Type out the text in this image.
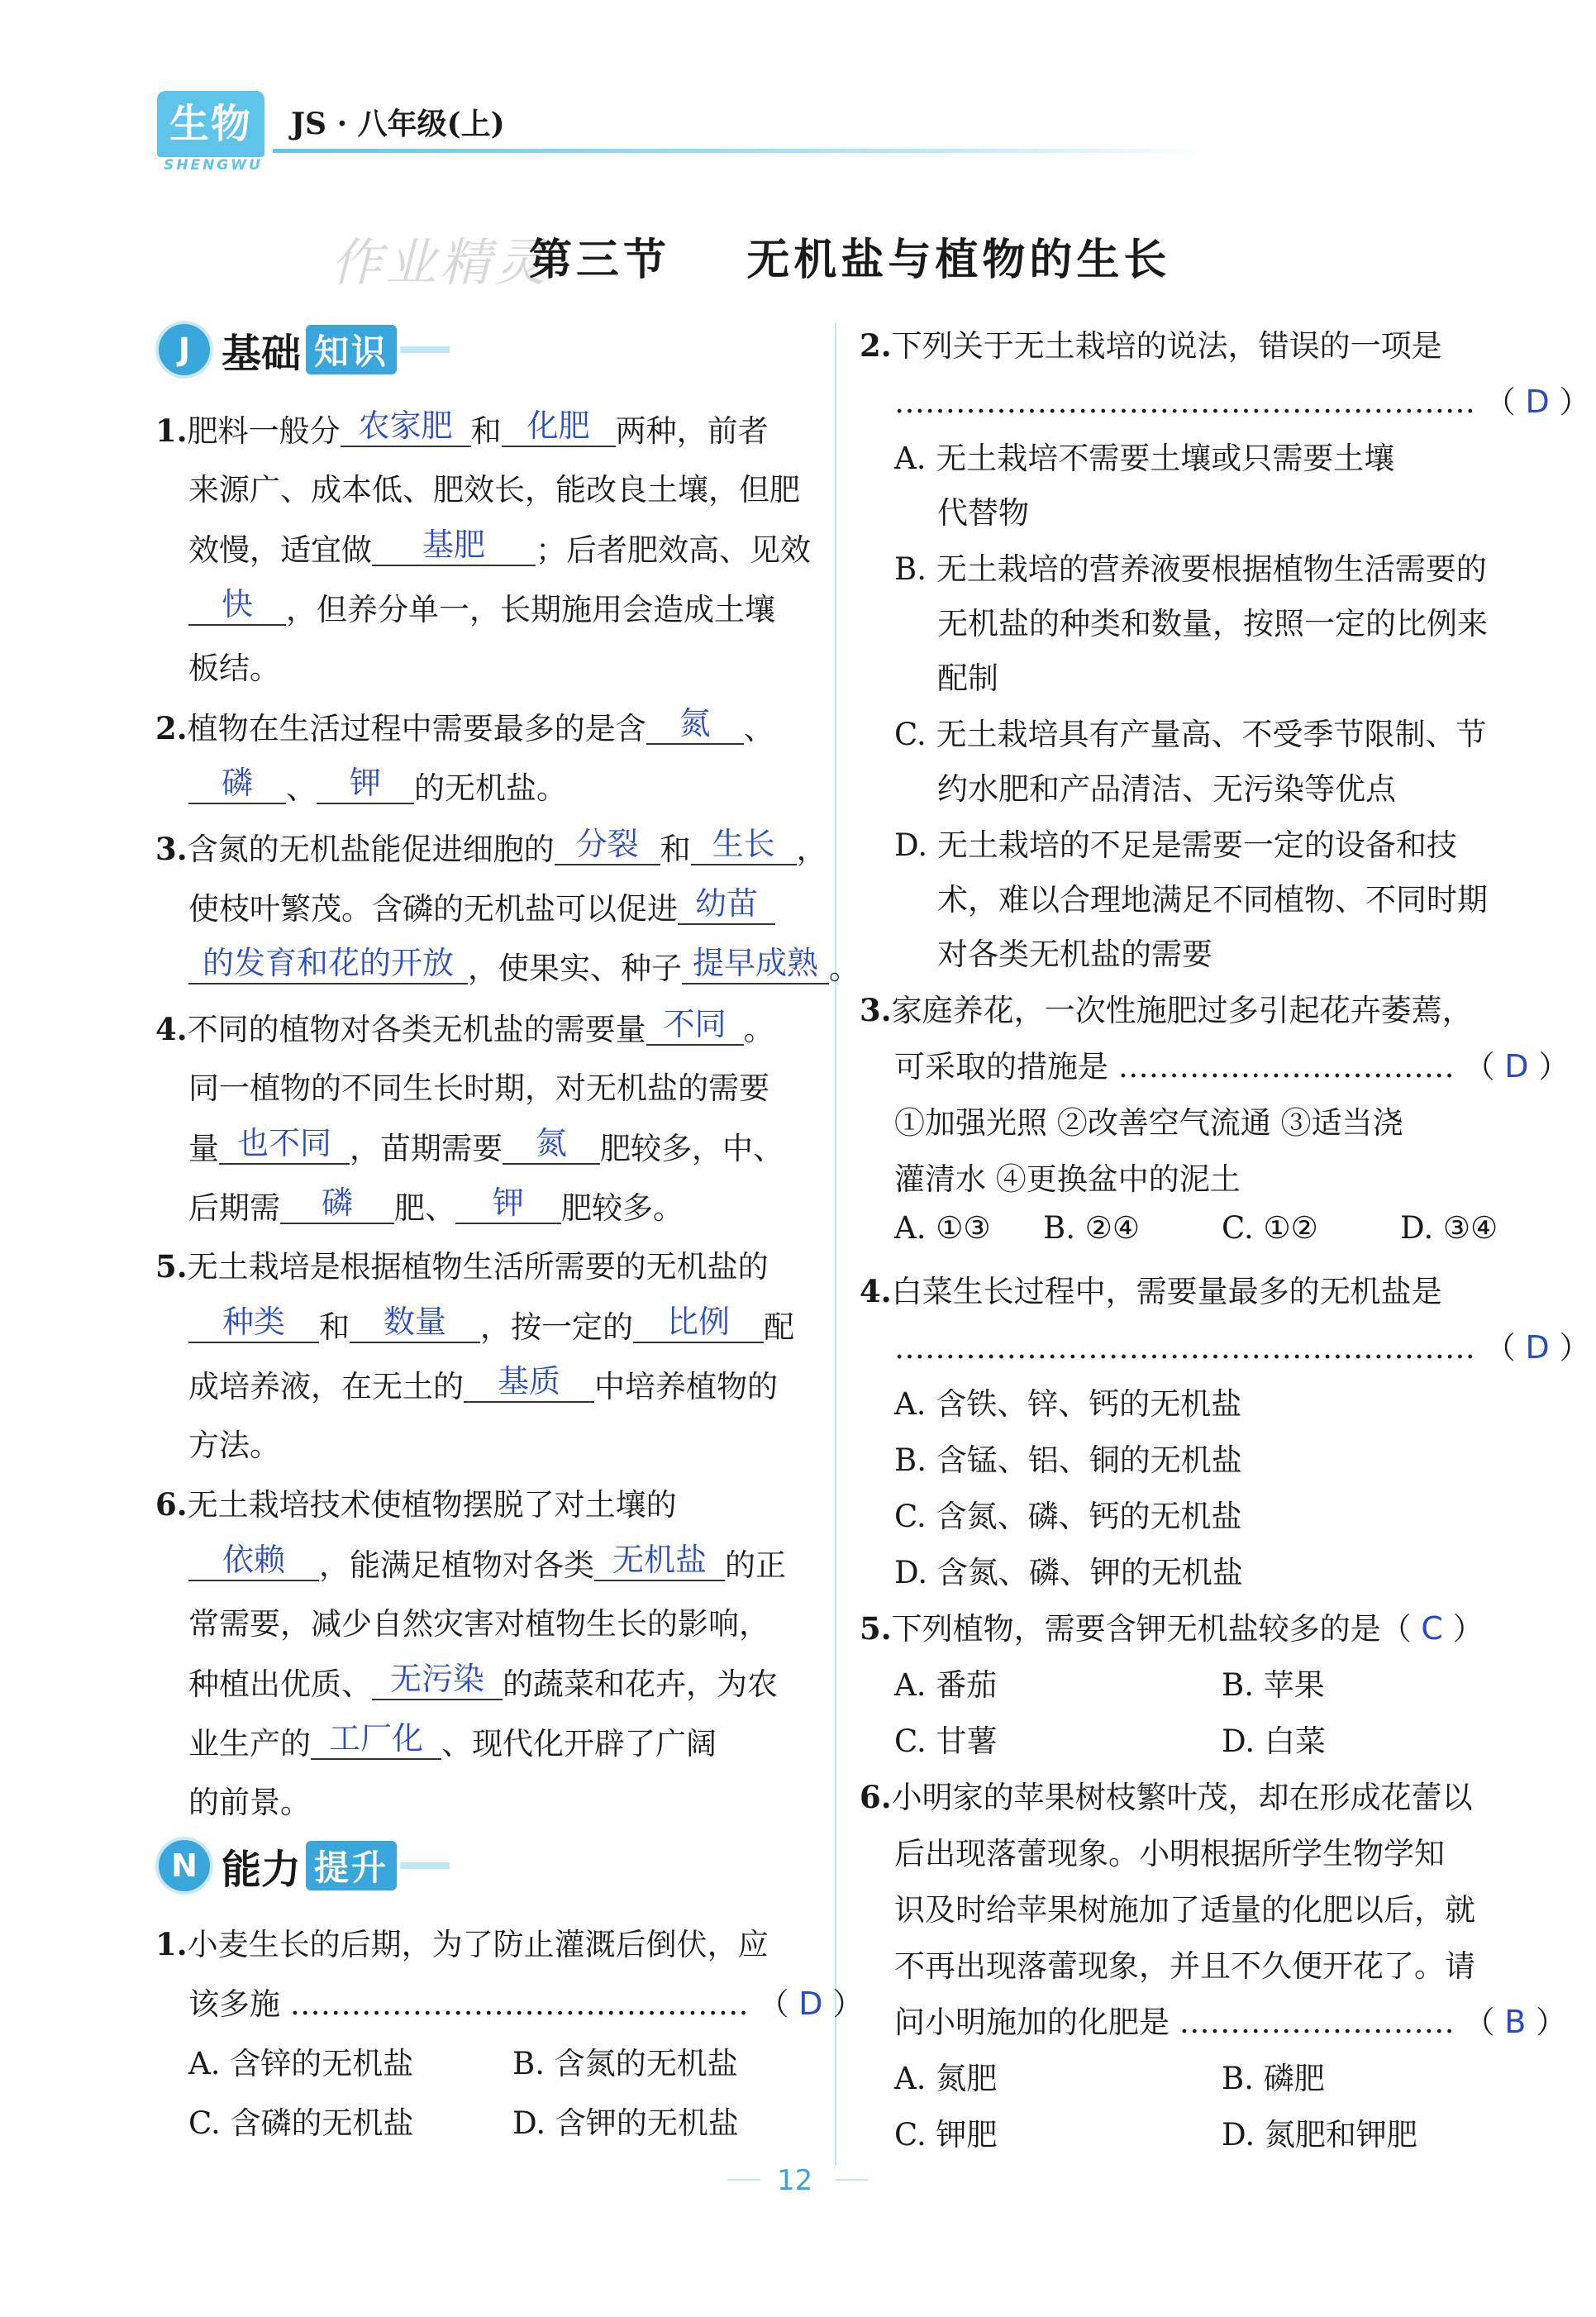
生物
SHENGWU
JS · 八年级(上)
作业精灵
第三节    无机盐与植物的生长
J 基础 知识
1.肥料一般分 农家肥 和 化肥 两种，前者
来源广、成本低、肥效长，能改良土壤，但肥
效慢，适宜做 基肥 ；后者肥效高、见效
快 ，但养分单一，长期施用会造成土壤
板结。
2.植物在生活过程中需要最多的是含 氮 、
磷 、 钾 的无机盐。
3.含氮的无机盐能促进细胞的 分裂 和 生长 ，
使枝叶繁茂。含磷的无机盐可以促进 幼苗
的发育和花的开放 ，使果实、种子 提早成熟 。
4.不同的植物对各类无机盐的需要量 不同 。
同一植物的不同生长时期，对无机盐的需要
量 也不同 ，苗期需要 氮 肥较多，中、
后期需 磷 肥、 钾 肥较多。
5.无土栽培是根据植物生活所需要的无机盐的
种类 和 数量 ，按一定的 比例 配
成培养液，在无土的 基质 中培养植物的
方法。
6.无土栽培技术使植物摆脱了对土壤的
依赖 ，能满足植物对各类 无机盐 的正
常需要，减少自然灾害对植物生长的影响，
种植出优质、 无污染 的蔬菜和花卉，为农
业生产的 工厂化 、现代化开辟了广阔
的前景。
N 能力 提升
1.小麦生长的后期，为了防止灌溉后倒伏，应
该多施 ……………………………………… （ D ）
A. 含锌的无机盐	B. 含氮的无机盐
C. 含磷的无机盐	D. 含钾的无机盐
2.下列关于无土栽培的说法，错误的一项是
………………………………………………… （ D ）
A. 无土栽培不需要土壤或只需要土壤
代替物
B. 无土栽培的营养液要根据植物生活需要的
无机盐的种类和数量，按照一定的比例来
配制
C. 无土栽培具有产量高、不受季节限制、节
约水肥和产品清洁、无污染等优点
D. 无土栽培的不足是需要一定的设备和技
术，难以合理地满足不同植物、不同时期
对各类无机盐的需要
3.家庭养花，一次性施肥过多引起花卉萎蔫，
可采取的措施是 …………………………… （ D ）
①加强光照 ②改善空气流通 ③适当浇
灌清水 ④更换盆中的泥土
A. ①③ B. ②④	C. ①②	D. ③④
4.白菜生长过程中，需要量最多的无机盐是
………………………………………………… （ D ）
A. 含铁、锌、钙的无机盐
B. 含锰、铝、铜的无机盐
C. 含氮、磷、钙的无机盐
D. 含氮、磷、钾的无机盐
5.下列植物，需要含钾无机盐较多的是（ C ）
A. 番茄	B. 苹果
C. 甘薯	D. 白菜
6.小明家的苹果树枝繁叶茂，却在形成花蕾以
后出现落蕾现象。小明根据所学生物学知
识及时给苹果树施加了适量的化肥以后，就
不再出现落蕾现象，并且不久便开花了。请
问小明施加的化肥是 ……………………… （ B ）
A. 氮肥	B. 磷肥
C. 钾肥	D. 氮肥和钾肥
12
